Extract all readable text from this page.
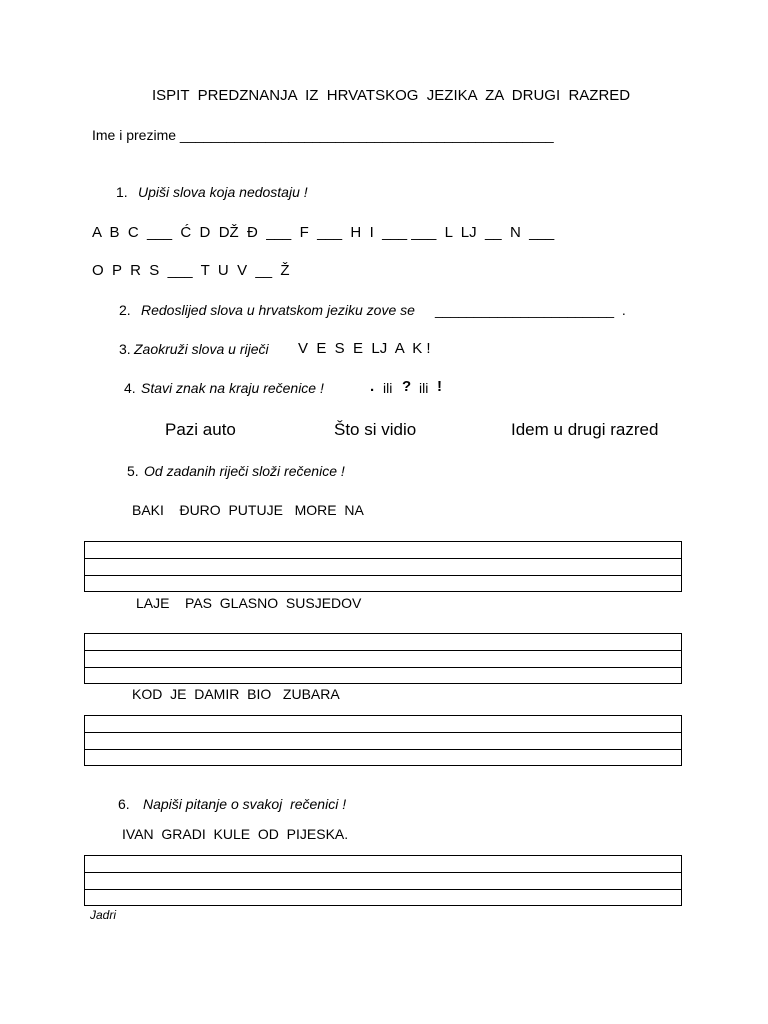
ISPIT  PREDZNANJA  IZ  HRVATSKOG  JEZIKA  ZA  DRUGI  RAZRED
Ime i prezime ________________________________________________
1. Upiši slova koja nedostaju !
A  B  C  ___  Ć  D  DŽ  Đ  ___  F  ___  H  I  ___ ___  L  LJ  __  N  ___
O  P  R  S  ___  T  U  V  __  Ž
2. Redoslijed slova u hrvatskom jeziku zove se _______________________  .
3. Zaokruži slova u riječi V  E  S  E  LJ  A  K !
4. Stavi znak na kraju rečenice !	. ili ? ili !
Pazi auto	Što si vidio	Idem u drugi razred
5. Od zadanih riječi složi rečenice !
BAKI    ĐURO  PUTUJE   MORE  NA
LAJE    PAS  GLASNO  SUSJEDOV
KOD  JE  DAMIR  BIO   ZUBARA
6. Napiši pitanje o svakoj  rečenici !
IVAN  GRADI  KULE  OD  PIJESKA.
Jadri
